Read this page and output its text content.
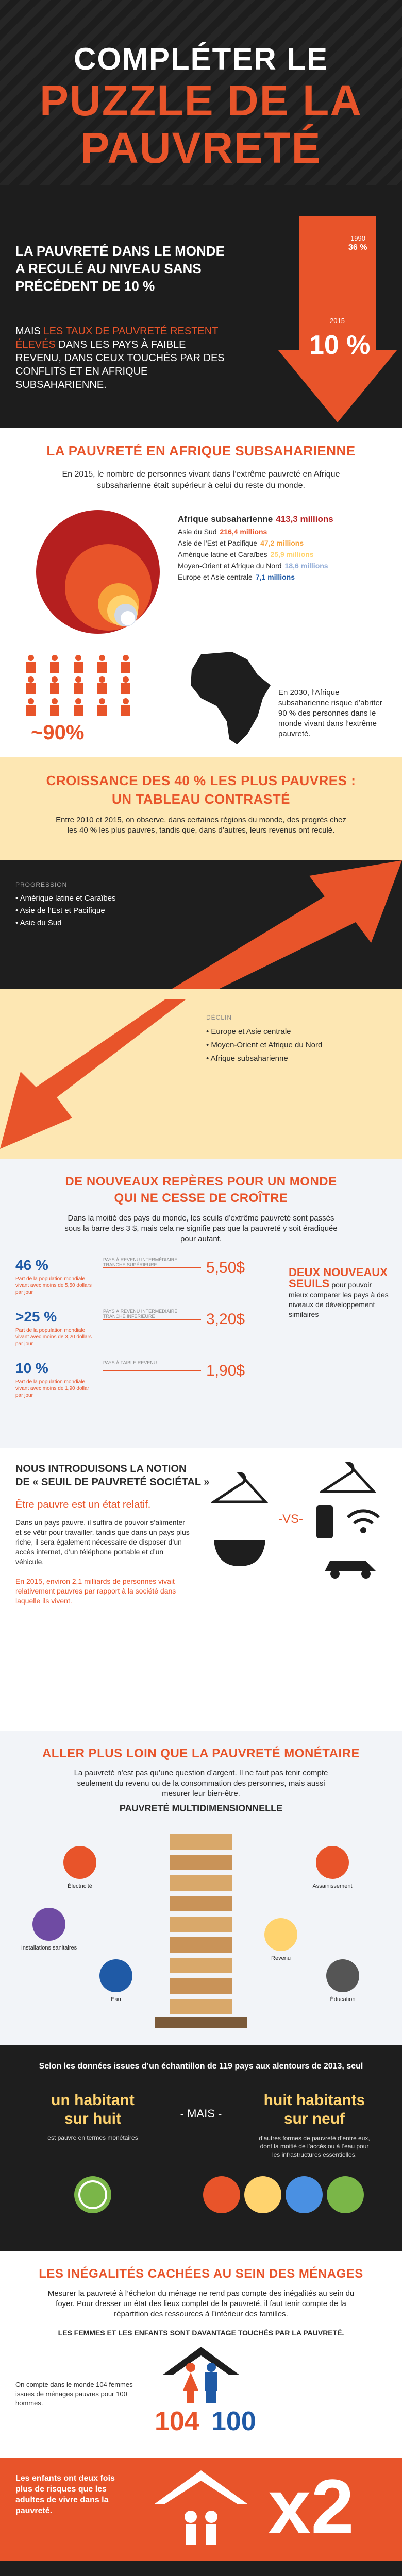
COMPLÉTER LE
PUZZLE DE LA
PAUVRETÉ
LA PAUVRETÉ DANS LE MONDE A RECULÉ AU NIVEAU SANS PRÉCÉDENT DE 10 %
MAIS LES TAUX DE PAUVRETÉ RESTENT ÉLEVÉS DANS LES PAYS À FAIBLE REVENU, DANS CEUX TOUCHÉS PAR DES CONFLITS ET EN AFRIQUE SUBSAHARIENNE.
1990
36 %
2015
10 %
LA PAUVRETÉ EN AFRIQUE SUBSAHARIENNE
En 2015, le nombre de personnes vivant dans l’extrême pauvreté en Afrique subsaharienne était supérieur à celui du reste du monde.
Afrique subsaharienne 413,3 millions
Asie du Sud 216,4 millions
Asie de l’Est et Pacifique 47,2 millions
Amérique latine et Caraïbes 25,9 millions
Moyen-Orient et Afrique du Nord 18,6 millions
Europe et Asie centrale 7,1 millions
~90%
En 2030, l’Afrique subsaharienne risque d’abriter 90 % des personnes dans le monde vivant dans l’extrême pauvreté.
CROISSANCE DES 40 % LES PLUS PAUVRES :
UN TABLEAU CONTRASTÉ
Entre 2010 et 2015, on observe, dans certaines régions du monde, des progrès chez les 40 % les plus pauvres, tandis que, dans d’autres, leurs revenus ont reculé.
PROGRESSION
• Amérique latine et Caraïbes
• Asie de l’Est et Pacifique
• Asie du Sud
DÉCLIN
• Europe et Asie centrale
• Moyen-Orient et Afrique du Nord
• Afrique subsaharienne
DE NOUVEAUX REPÈRES POUR UN MONDE
QUI NE CESSE DE CROÎTRE
Dans la moitié des pays du monde, les seuils d’extrême pauvreté sont passés sous la barre des 3 $, mais cela ne signifie pas que la pauvreté y soit éradiquée pour autant.
46 %
Part de la population mondiale vivant avec moins de 5,50 dollars par jour
PAYS À REVENU INTERMÉDIAIRE, TRANCHE SUPÉRIEURE	5,50$
>25 %
Part de la population mondiale vivant avec moins de 3,20 dollars par jour
PAYS À REVENU INTERMÉDIAIRE, TRANCHE INFÉRIEURE	3,20$
10 %
Part de la population mondiale vivant avec moins de 1,90 dollar par jour
PAYS À FAIBLE REVENU	1,90$
DEUX NOUVEAUX SEUILS pour pouvoir mieux comparer les pays à des niveaux de développement similaires
NOUS INTRODUISONS LA NOTION
DE « SEUIL DE PAUVRETÉ SOCIÉTAL »
Être pauvre est un état relatif.
Dans un pays pauvre, il suffira de pouvoir s’alimenter et se vêtir pour travailler, tandis que dans un pays plus riche, il sera également nécessaire de disposer d’un accès internet, d’un téléphone portable et d’un véhicule.
En 2015, environ 2,1 milliards de personnes vivait relativement pauvres par rapport à la société dans laquelle ils vivent.
-VS-
ALLER PLUS LOIN QUE LA PAUVRETÉ MONÉTAIRE
La pauvreté n’est pas qu’une question d’argent. Il ne faut pas tenir compte seulement du revenu ou de la consommation des personnes, mais aussi mesurer leur bien-être.
PAUVRETÉ MULTIDIMENSIONNELLE
Électricité	Assainissement
Installations sanitaires
Eau
Revenu
Éducation
Selon les données issues d’un échantillon de 119 pays aux alentours de 2013, seul
un habitant
sur huit
est pauvre en termes monétaires
- MAIS -
huit habitants
sur neuf
d’autres formes de pauvreté d’entre eux, dont la moitié de l’accès ou à l’eau pour les infrastructures essentielles.
LES INÉGALITÉS CACHÉES AU SEIN DES MÉNAGES
Mesurer la pauvreté à l’échelon du ménage ne rend pas compte des inégalités au sein du foyer. Pour dresser un état des lieux complet de la pauvreté, il faut tenir compte de la répartition des ressources à l’intérieur des familles.
LES FEMMES ET LES ENFANTS SONT DAVANTAGE TOUCHÉS PAR LA PAUVRETÉ.
On compte dans le monde 104 femmes issues de ménages pauvres pour 100 hommes.
104 100
Les enfants ont deux fois plus de risques que les adultes de vivre dans la pauvreté.	x2
